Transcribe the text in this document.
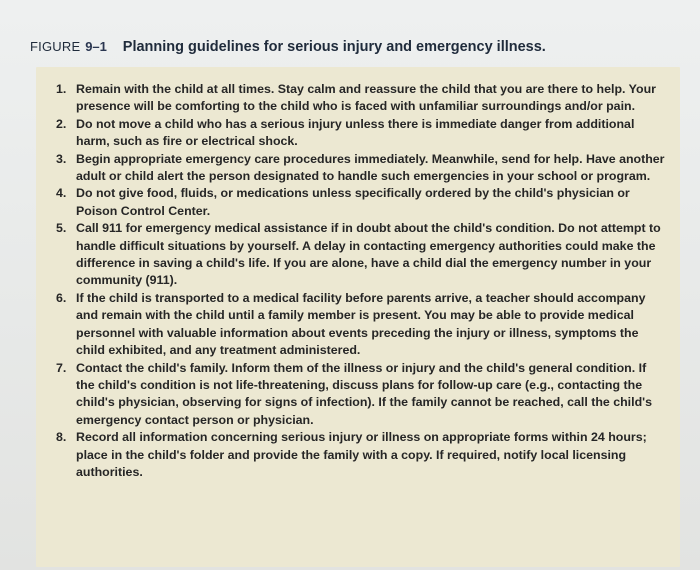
FIGURE 9–1 Planning guidelines for serious injury and emergency illness.
1. Remain with the child at all times. Stay calm and reassure the child that you are there to help. Your presence will be comforting to the child who is faced with unfamiliar surroundings and/or pain.
2. Do not move a child who has a serious injury unless there is immediate danger from additional harm, such as fire or electrical shock.
3. Begin appropriate emergency care procedures immediately. Meanwhile, send for help. Have another adult or child alert the person designated to handle such emergencies in your school or program.
4. Do not give food, fluids, or medications unless specifically ordered by the child's physician or Poison Control Center.
5. Call 911 for emergency medical assistance if in doubt about the child's condition. Do not attempt to handle difficult situations by yourself. A delay in contacting emergency authorities could make the difference in saving a child's life. If you are alone, have a child dial the emergency number in your community (911).
6. If the child is transported to a medical facility before parents arrive, a teacher should accompany and remain with the child until a family member is present. You may be able to provide medical personnel with valuable information about events preceding the injury or illness, symptoms the child exhibited, and any treatment administered.
7. Contact the child's family. Inform them of the illness or injury and the child's general condition. If the child's condition is not life-threatening, discuss plans for follow-up care (e.g., contacting the child's physician, observing for signs of infection). If the family cannot be reached, call the child's emergency contact person or physician.
8. Record all information concerning serious injury or illness on appropriate forms within 24 hours; place in the child's folder and provide the family with a copy. If required, notify local licensing authorities.
